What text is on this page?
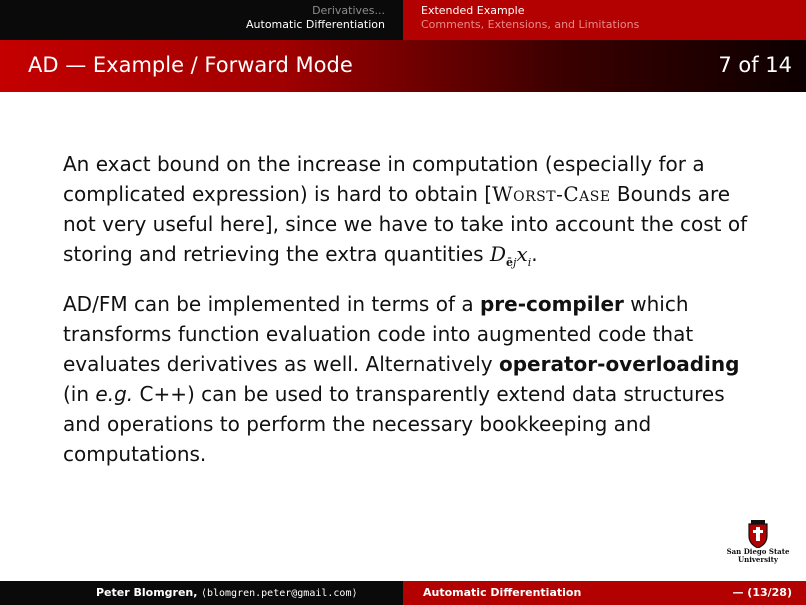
Derivatives...
Automatic Differentiation
Extended Example
Comments, Extensions, and Limitations
AD — Example / Forward Mode	7 of 14

An exact bound on the increase in computation (especially for a complicated expression) is hard to obtain [Worst-Case Bounds are not very useful here], since we have to take into account the cost of storing and retrieving the extra quantities $D_{ēj}x_i$.

AD/FM can be implemented in terms of a pre-compiler which transforms function evaluation code into augmented code that evaluates derivatives as well. Alternatively operator-overloading (in e.g. C++) can be used to transparently extend data structures and operations to perform the necessary bookkeeping and computations.

San Diego State
University
Peter Blomgren, ⟨blomgren.peter@gmail.com⟩	Automatic Differentiation	— (13/28)
